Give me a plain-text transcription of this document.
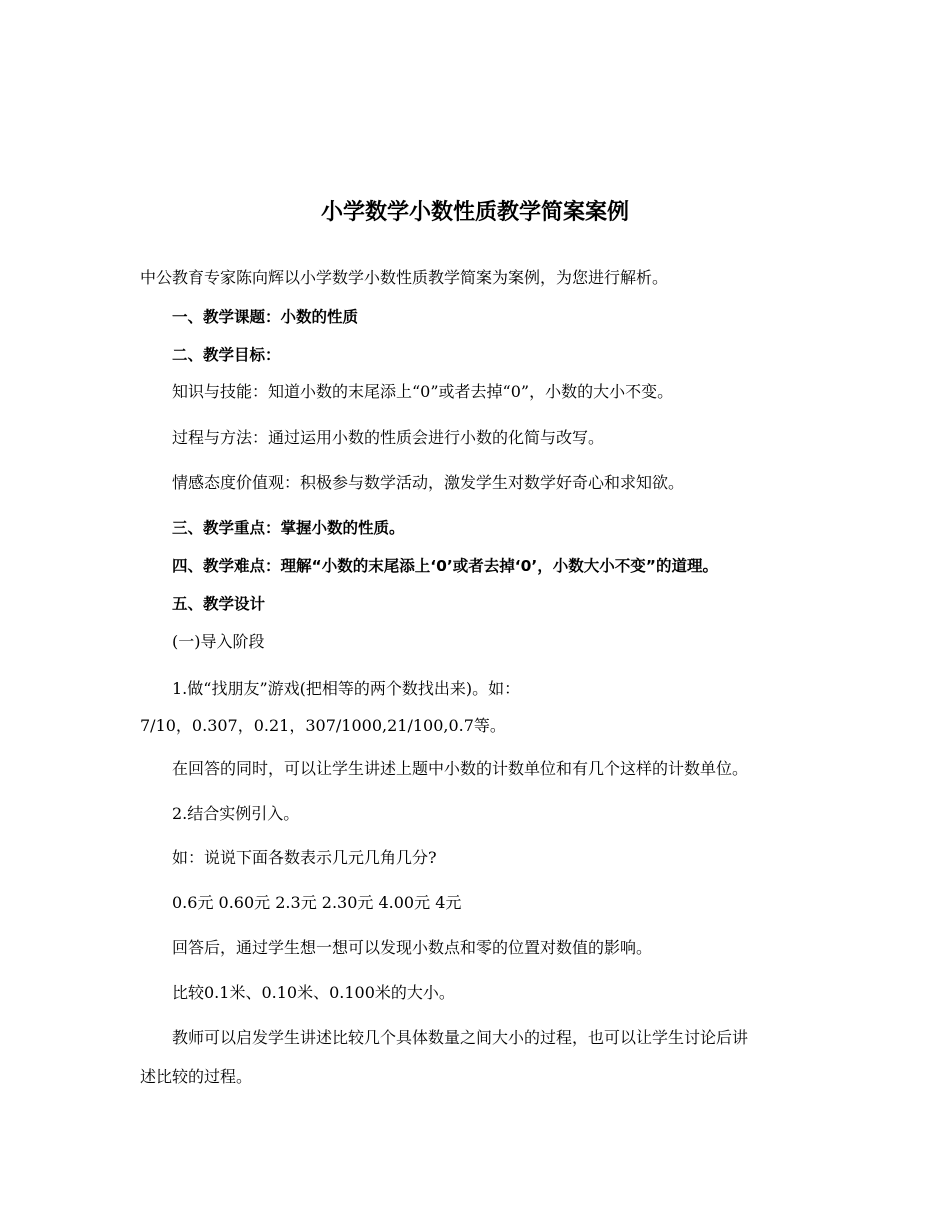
小学数学小数性质教学简案案例
中公教育专家陈向辉以小学数学小数性质教学简案为案例，为您进行解析。
一、教学课题：小数的性质
二、教学目标：
知识与技能：知道小数的末尾添上“0”或者去掉“0”，小数的大小不变。
过程与方法：通过运用小数的性质会进行小数的化简与改写。
情感态度价值观：积极参与数学活动，激发学生对数学好奇心和求知欲。
三、教学重点：掌握小数的性质。
四、教学难点：理解“小数的末尾添上‘0’或者去掉‘0’，小数大小不变”的道理。
五、教学设计
(一)导入阶段
1.做“找朋友”游戏(把相等的两个数找出来)。如：
7/10，0.307，0.21，307/1000,21/100,0.7等。
在回答的同时，可以让学生讲述上题中小数的计数单位和有几个这样的计数单位。
2.结合实例引入。
如：说说下面各数表示几元几角几分?
0.6元 0.60元 2.3元 2.30元 4.00元 4元
回答后，通过学生想一想可以发现小数点和零的位置对数值的影响。
比较0.1米、0.10米、0.100米的大小。
教师可以启发学生讲述比较几个具体数量之间大小的过程，也可以让学生讨论后讲
述比较的过程。
